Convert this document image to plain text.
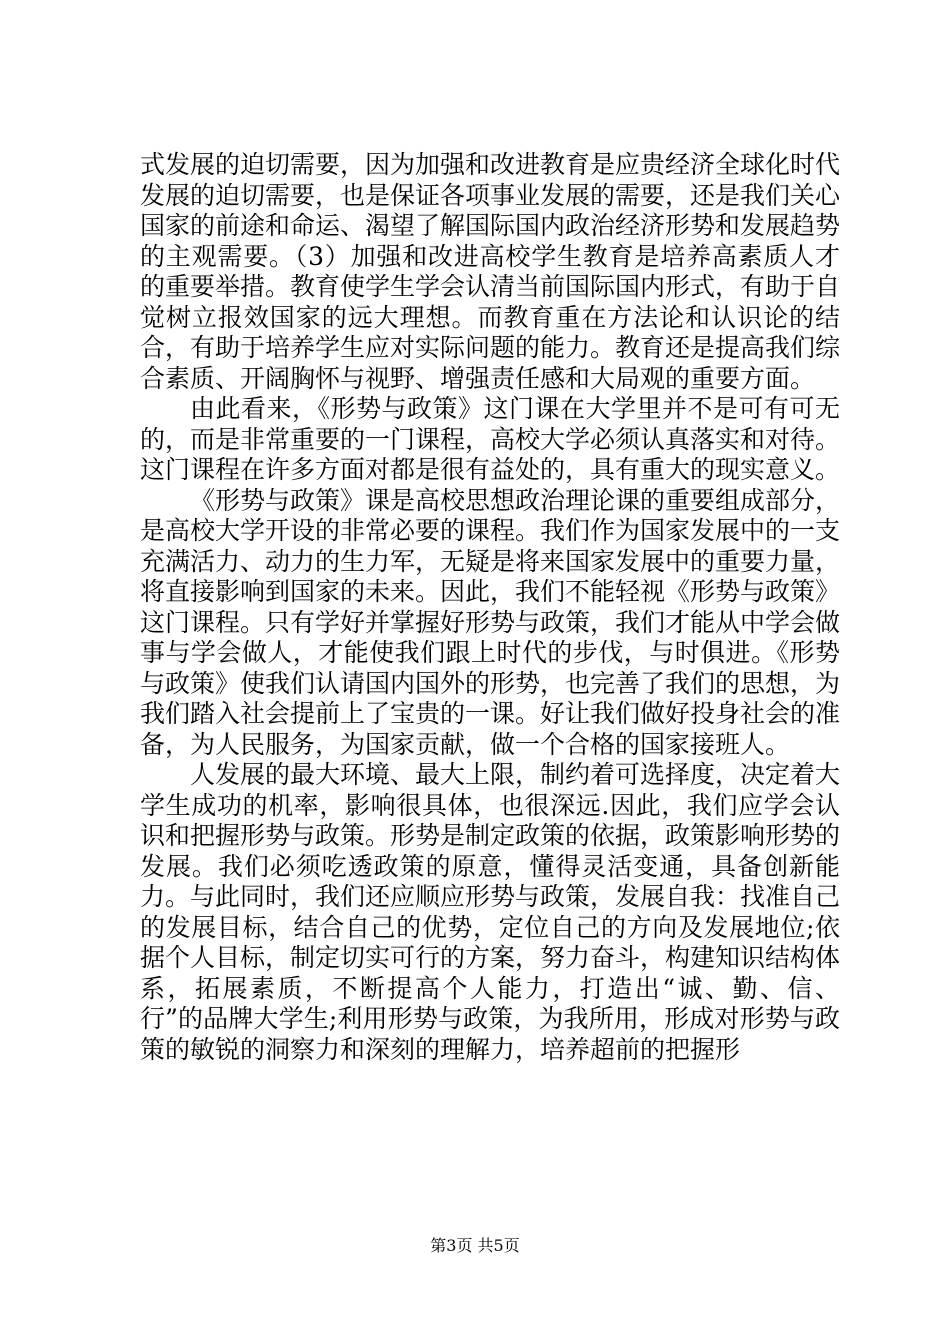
式发展的迫切需要，因为加强和改进教育是应贵经济全球化时代发展的迫切需要，也是保证各项事业发展的需要，还是我们关心国家的前途和命运、渴望了解国际国内政治经济形势和发展趋势的主观需要。（3）加强和改进高校学生教育是培养高素质人才的重要举措。教育使学生学会认清当前国际国内形式，有助于自觉树立报效国家的远大理想。而教育重在方法论和认识论的结合，有助于培养学生应对实际问题的能力。教育还是提高我们综合素质、开阔胸怀与视野、增强责任感和大局观的重要方面。

由此看来，《形势与政策》这门课在大学里并不是可有可无的，而是非常重要的一门课程，高校大学必须认真落实和对待。这门课程在许多方面对都是很有益处的，具有重大的现实意义。

《形势与政策》课是高校思想政治理论课的重要组成部分，是高校大学开设的非常必要的课程。我们作为国家发展中的一支充满活力、动力的生力军，无疑是将来国家发展中的重要力量，将直接影响到国家的未来。因此，我们不能轻视《形势与政策》这门课程。只有学好并掌握好形势与政策，我们才能从中学会做事与学会做人，才能使我们跟上时代的步伐，与时俱进。《形势与政策》使我们认请国内国外的形势，也完善了我们的思想，为我们踏入社会提前上了宝贵的一课。好让我们做好投身社会的准备，为人民服务，为国家贡献，做一个合格的国家接班人。

人发展的最大环境、最大上限，制约着可选择度，决定着大学生成功的机率，影响很具体，也很深远.因此，我们应学会认识和把握形势与政策。形势是制定政策的依据，政策影响形势的发展。我们必须吃透政策的原意，懂得灵活变通，具备创新能力。与此同时，我们还应顺应形势与政策，发展自我：找准自己的发展目标，结合自己的优势，定位自己的方向及发展地位;依据个人目标，制定切实可行的方案，努力奋斗，构建知识结构体系，拓展素质，不断提高个人能力，打造出“诚、勤、信、行”的品牌大学生;利用形势与政策，为我所用，形成对形势与政策的敏锐的洞察力和深刻的理解力，培养超前的把握形

第3页 共5页
